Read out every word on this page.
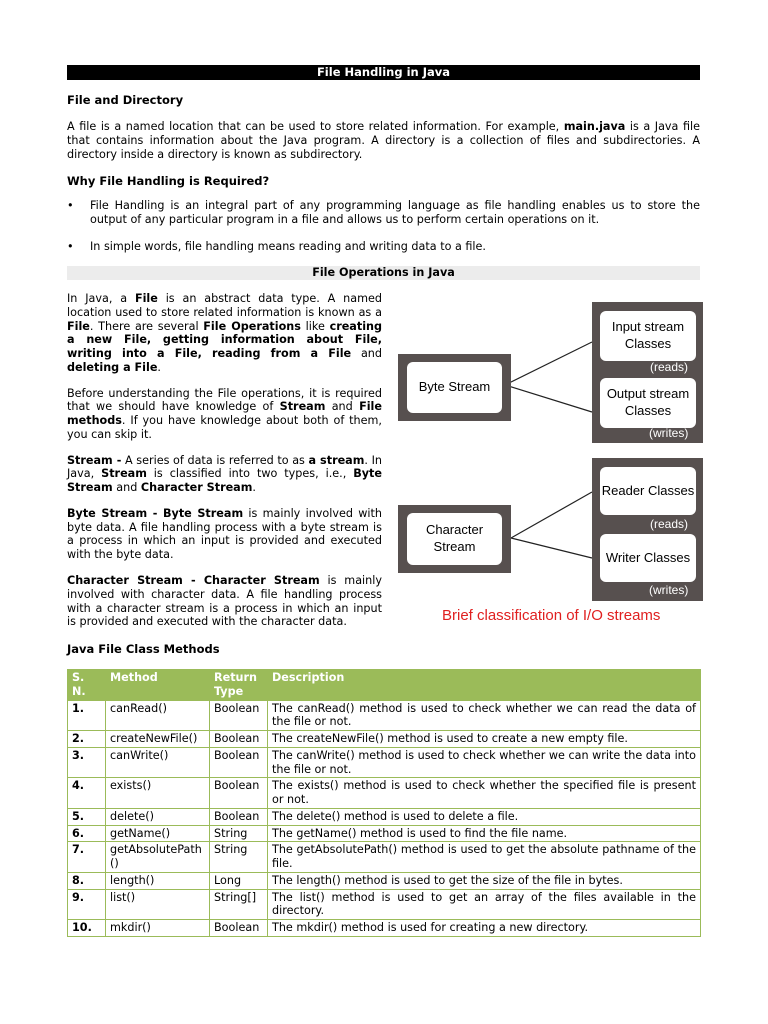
File Handling in Java
File and Directory

A file is a named location that can be used to store related information. For example, main.java is a Java file that contains information about the Java program. A directory is a collection of files and subdirectories. A directory inside a directory is known as subdirectory.

Why File Handling is Required?
• File Handling is an integral part of any programming language as file handling enables us to store the output of any particular program in a file and allows us to perform certain operations on it.
• In simple words, file handling means reading and writing data to a file.
File Operations in Java

In Java, a File is an abstract data type. A named location used to store related information is known as a File. There are several File Operations like creating a new File, getting information about File, writing into a File, reading from a File and deleting a File.

Before understanding the File operations, it is required that we should have knowledge of Stream and File methods. If you have knowledge about both of them, you can skip it.

Stream - A series of data is referred to as a stream. In Java, Stream is classified into two types, i.e., Byte Stream and Character Stream.

Byte Stream - Byte Stream is mainly involved with byte data. A file handling process with a byte stream is a process in which an input is provided and executed with the byte data.

Character Stream - Character Stream is mainly involved with character data. A file handling process with a character stream is a process in which an input is provided and executed with the character data.

Byte Stream
Input stream Classes
(reads)
Output stream Classes
(writes)
Character Stream
Reader Classes
(reads)
Writer Classes
(writes)
Brief classification of I/O streams
Java File Class Methods
S. N.	Method	Return Type	Description
1.	canRead()	Boolean	The canRead() method is used to check whether we can read the data of the file or not.
2.	createNewFile()	Boolean	The createNewFile() method is used to create a new empty file.
3.	canWrite()	Boolean	The canWrite() method is used to check whether we can write the data into the file or not.
4.	exists()	Boolean	The exists() method is used to check whether the specified file is present or not.
5.	delete()	Boolean	The delete() method is used to delete a file.
6.	getName()	String	The getName() method is used to find the file name.
7.	getAbsolutePath()	String	The getAbsolutePath() method is used to get the absolute pathname of the file.
8.	length()	Long	The length() method is used to get the size of the file in bytes.
9.	list()	String[]	The list() method is used to get an array of the files available in the directory.
10.	mkdir()	Boolean	The mkdir() method is used for creating a new directory.
